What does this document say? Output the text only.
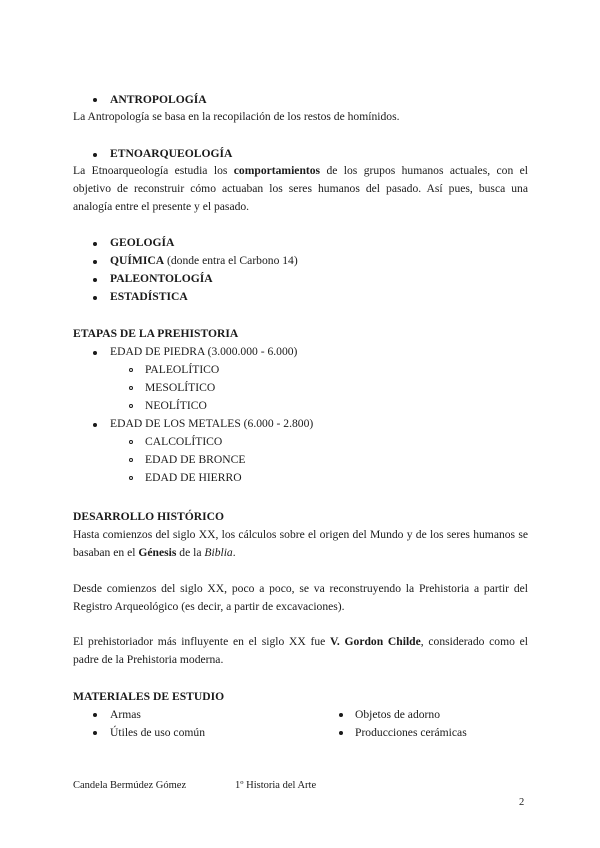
ANTROPOLOGÍA
La Antropología se basa en la recopilación de los restos de homínidos.
ETNOARQUEOLOGÍA
La Etnoarqueología estudia los comportamientos de los grupos humanos actuales, con el objetivo de reconstruir cómo actuaban los seres humanos del pasado. Así pues, busca una analogía entre el presente y el pasado.
GEOLOGÍA
QUÍMICA (donde entra el Carbono 14)
PALEONTOLOGÍA
ESTADÍSTICA
ETAPAS DE LA PREHISTORIA
EDAD DE PIEDRA (3.000.000 - 6.000)
PALEOLÍTICO
MESOLÍTICO
NEOLÍTICO
EDAD DE LOS METALES (6.000 - 2.800)
CALCOLÍTICO
EDAD DE BRONCE
EDAD DE HIERRO
DESARROLLO HISTÓRICO
Hasta comienzos del siglo XX, los cálculos sobre el origen del Mundo y de los seres humanos se basaban en el Génesis de la Biblia.
Desde comienzos del siglo XX, poco a poco, se va reconstruyendo la Prehistoria a partir del Registro Arqueológico (es decir, a partir de excavaciones).
El prehistoriador más influyente en el siglo XX fue V. Gordon Childe, considerado como el padre de la Prehistoria moderna.
MATERIALES DE ESTUDIO
Armas
Útiles de uso común
Objetos de adorno
Producciones cerámicas
Candela Bermúdez Gómez	1º Historia del Arte
2
